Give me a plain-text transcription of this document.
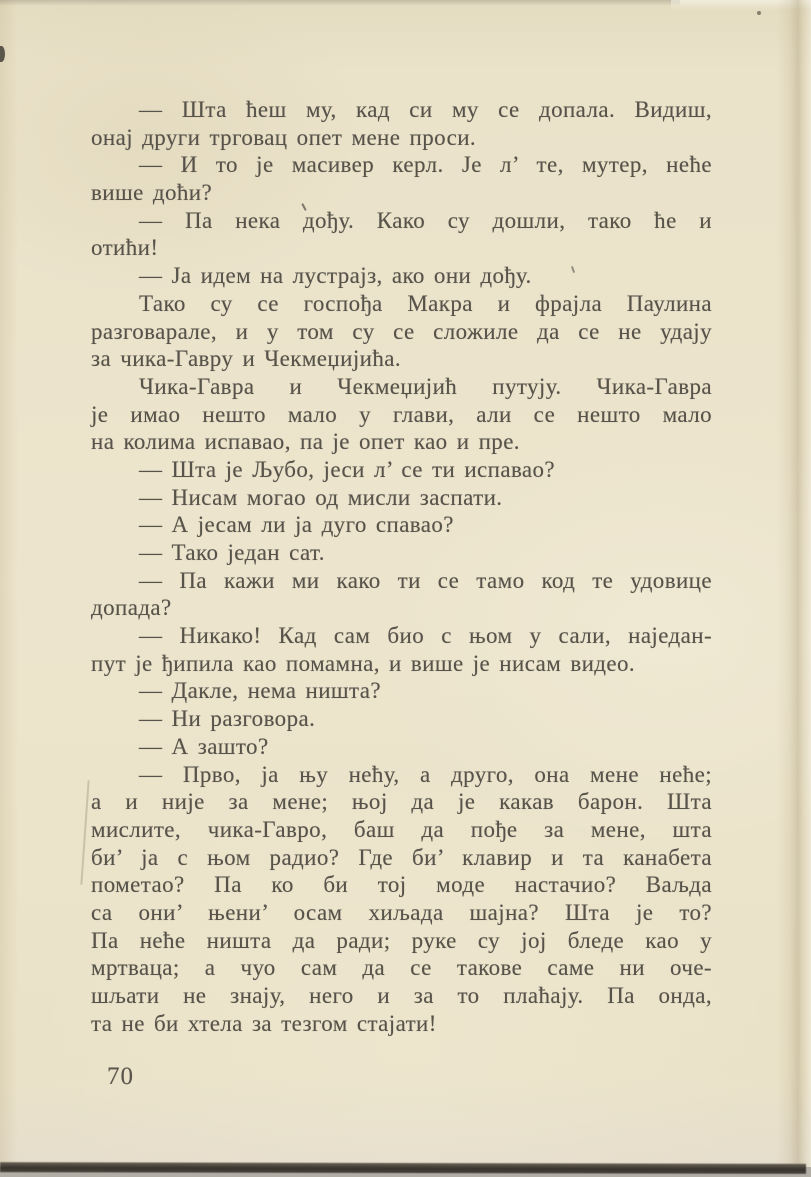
— Шта ћеш му, кад си му се допала. Видиш,
онај други трговац опет мене проси.
— И то је масивер керл. Је л’ те, мутер, неће
више доћи?
— Па нека дођу. Како су дошли, тако ће и
отићи!
— Ја идем на лустрајз, ако они дођу.
Тако су се госпођа Макра и фрајла Паулина
разговарале, и у том су се сложиле да се не удају
за чика-Гавру и Чекмеџијића.
Чика-Гавра и Чекмеџијић путују. Чика-Гавра
је имао нешто мало у глави, али се нешто мало
на колима испавао, па је опет као и пре.
— Шта је Љубо, јеси л’ се ти испавао?
— Нисам могао од мисли заспати.
— А јесам ли ја дуго спавао?
— Тако један сат.
— Па кажи ми како ти се тамо код те удовице
допада?
— Никако! Кад сам био с њом у сали, наједан-
пут је ђипила као помамна, и више је нисам видео.
— Дакле, нема ништа?
— Ни разговора.
— А зашто?
— Прво, ја њу нећу, а друго, она мене неће;
а и није за мене; њој да је какав барон. Шта
мислите, чика-Гавро, баш да пође за мене, шта
би’ ја с њом радио? Где би’ клавир и та канабета
пометао? Па ко би тој моде настачио? Ваљда
са они’ њени’ осам хиљада шајна? Шта је то?
Па неће ништа да ради; руке су јој бледе као у
мртваца; а чуо сам да се такове саме ни оче-
шљати не знају, него и за то плаћају. Па онда,
та не би хтела за тезгом стајати!
70
